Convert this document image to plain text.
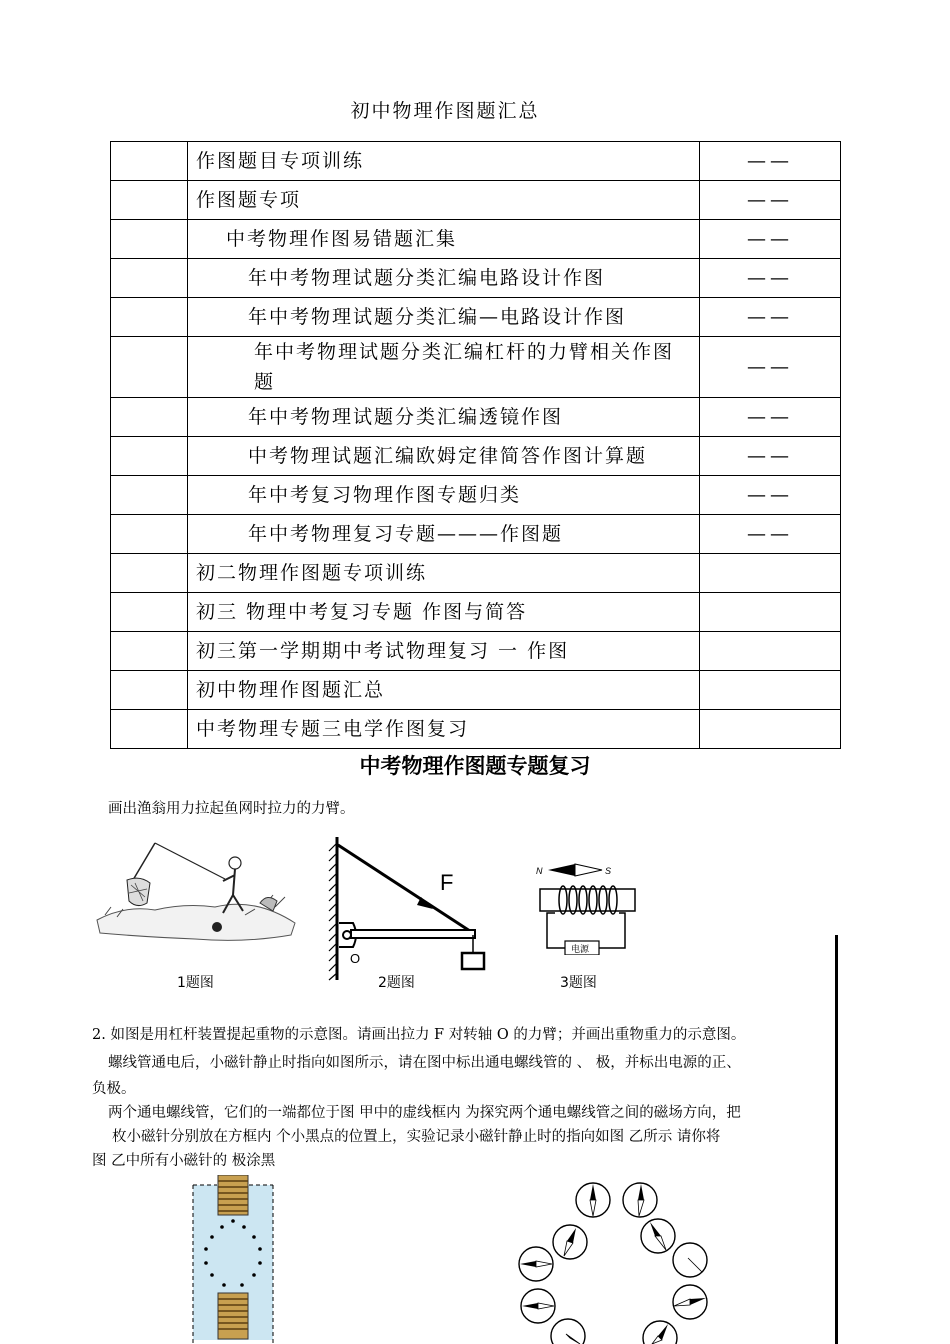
初中物理作图题汇总
	作图题目专项训练	——
	作图题专项	——
	中考物理作图易错题汇集	——
	年中考物理试题分类汇编电路设计作图	——
	年中考物理试题分类汇编—电路设计作图	——
	年中考物理试题分类汇编杠杆的力臂相关作图题	——
	年中考物理试题分类汇编透镜作图	——
	中考物理试题汇编欧姆定律简答作图计算题	——
	年中考复习物理作图专题归类	——
	年中考物理复习专题———作图题	——
	初二物理作图题专项训练	
	初三 物理中考复习专题 作图与简答	
	初三第一学期期中考试物理复习 一 作图	
	初中物理作图题汇总	
	中考物理专题三电学作图复习	
中考物理作图题专题复习
画出渔翁用力拉起鱼网时拉力的力臂。
F
O
N	S
电源
1题图	2题图	3题图
2. 如图是用杠杆装置提起重物的示意图。请画出拉力 F 对转轴 O 的力臂；并画出重物重力的示意图。
螺线管通电后，小磁针静止时指向如图所示，请在图中标出通电螺线管的 、 极，并标出电源的正、
负极。
两个通电螺线管，它们的一端都位于图 甲中的虚线框内 为探究两个通电螺线管之间的磁场方向，把
枚小磁针分别放在方框内 个小黑点的位置上，实验记录小磁针静止时的指向如图 乙所示 请你将
图 乙中所有小磁针的 极涂黑
